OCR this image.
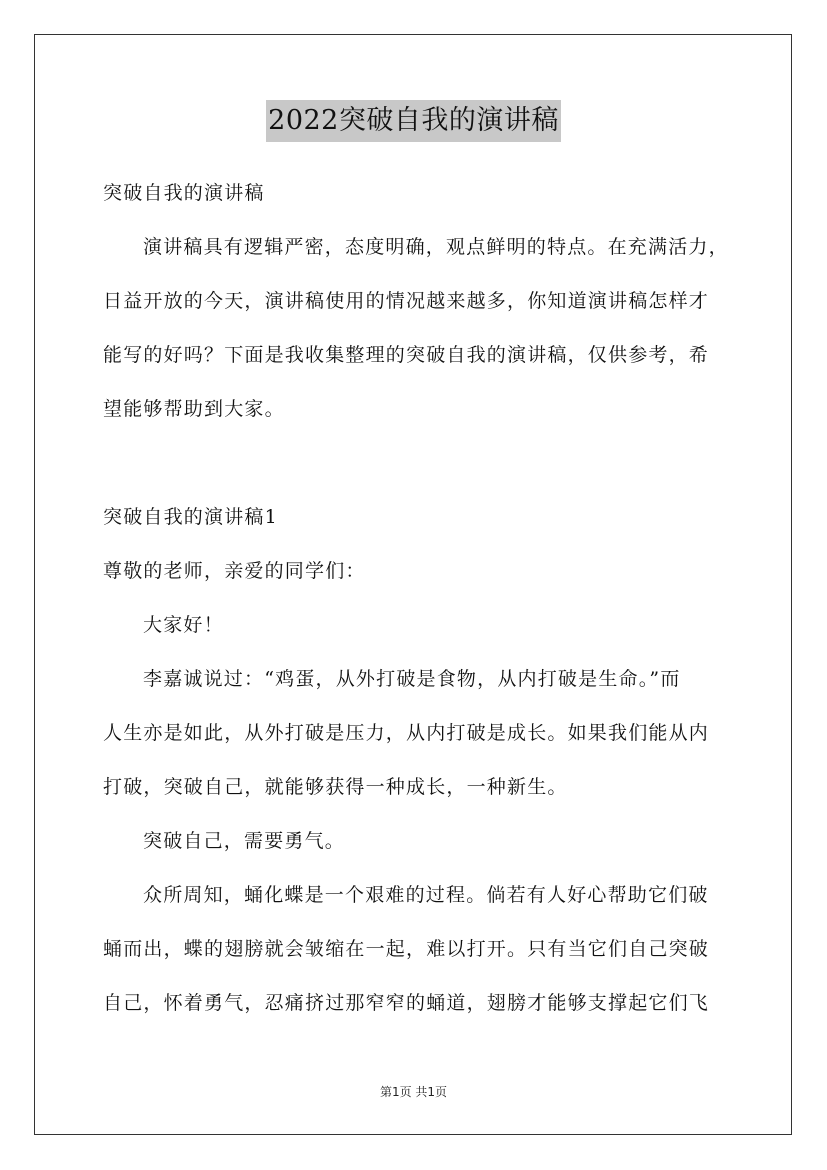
2022突破自我的演讲稿
突破自我的演讲稿
演讲稿具有逻辑严密，态度明确，观点鲜明的特点。在充满活力，
日益开放的今天，演讲稿使用的情况越来越多，你知道演讲稿怎样才
能写的好吗？下面是我收集整理的突破自我的演讲稿，仅供参考，希
望能够帮助到大家。
突破自我的演讲稿1
尊敬的老师，亲爱的同学们：
大家好！
李嘉诚说过：“鸡蛋，从外打破是食物，从内打破是生命。”而
人生亦是如此，从外打破是压力，从内打破是成长。如果我们能从内
打破，突破自己，就能够获得一种成长，一种新生。
突破自己，需要勇气。
众所周知，蛹化蝶是一个艰难的过程。倘若有人好心帮助它们破
蛹而出，蝶的翅膀就会皱缩在一起，难以打开。只有当它们自己突破
自己，怀着勇气，忍痛挤过那窄窄的蛹道，翅膀才能够支撑起它们飞
第1页 共1页
